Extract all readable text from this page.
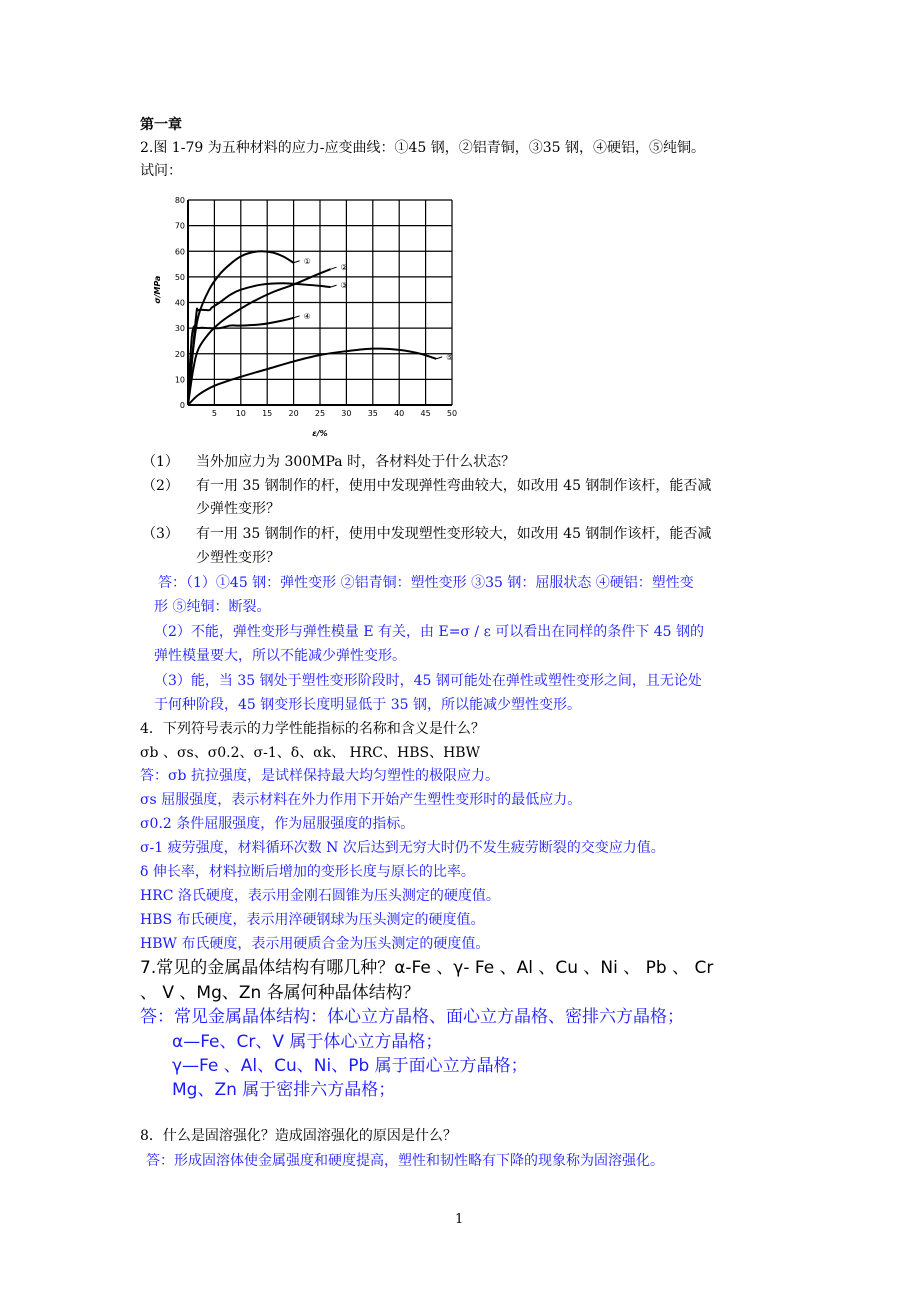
第一章
2.图 1-79 为五种材料的应力-应变曲线：①45 钢，②铝青铜，③35 钢，④硬铝，⑤纯铜。
试问：
5 10 15 20 25 30 35 40 45 50
0
10
20
30
40
50
60
70
80
ε/%
σ/MPa
①
②
③
④
⑤
（1） 当外加应力为 300MPa 时，各材料处于什么状态？
（2） 有一用 35 钢制作的杆，使用中发现弹性弯曲较大，如改用 45 钢制作该杆，能否减
少弹性变形？
（3） 有一用 35 钢制作的杆，使用中发现塑性变形较大，如改用 45 钢制作该杆，能否减
少塑性变形？
答：（1）①45 钢：弹性变形 ②铝青铜：塑性变形 ③35 钢：屈服状态 ④硬铝：塑性变
形 ⑤纯铜：断裂。
（2）不能，弹性变形与弹性模量 E 有关，由 E=σ / ε 可以看出在同样的条件下 45 钢的
弹性模量要大，所以不能减少弹性变形。
（3）能，当 35 钢处于塑性变形阶段时，45 钢可能处在弹性或塑性变形之间，且无论处
于何种阶段，45 钢变形长度明显低于 35 钢，所以能减少塑性变形。
4．下列符号表示的力学性能指标的名称和含义是什么？
σb 、σs、σ0.2、σ-1、δ、αk、 HRC、HBS、HBW
答：σb 抗拉强度，是试样保持最大均匀塑性的极限应力。
σs 屈服强度，表示材料在外力作用下开始产生塑性变形时的最低应力。
σ0.2 条件屈服强度，作为屈服强度的指标。
σ-1 疲劳强度，材料循环次数 N 次后达到无穷大时仍不发生疲劳断裂的交变应力值。
δ 伸长率，材料拉断后增加的变形长度与原长的比率。
HRC 洛氏硬度，表示用金刚石圆锥为压头测定的硬度值。
HBS 布氏硬度，表示用淬硬钢球为压头测定的硬度值。
HBW 布氏硬度，表示用硬质合金为压头测定的硬度值。
7.常见的金属晶体结构有哪几种？α-Fe 、γ- Fe 、Al 、Cu 、Ni 、 Pb 、 Cr
、 V 、Mg、Zn 各属何种晶体结构？
答：常见金属晶体结构：体心立方晶格、面心立方晶格、密排六方晶格；
α—Fe、Cr、V 属于体心立方晶格；
γ—Fe 、Al、Cu、Ni、Pb 属于面心立方晶格；
Mg、Zn 属于密排六方晶格；
8．什么是固溶强化？造成固溶强化的原因是什么？
答：形成固溶体使金属强度和硬度提高，塑性和韧性略有下降的现象称为固溶强化。
1
